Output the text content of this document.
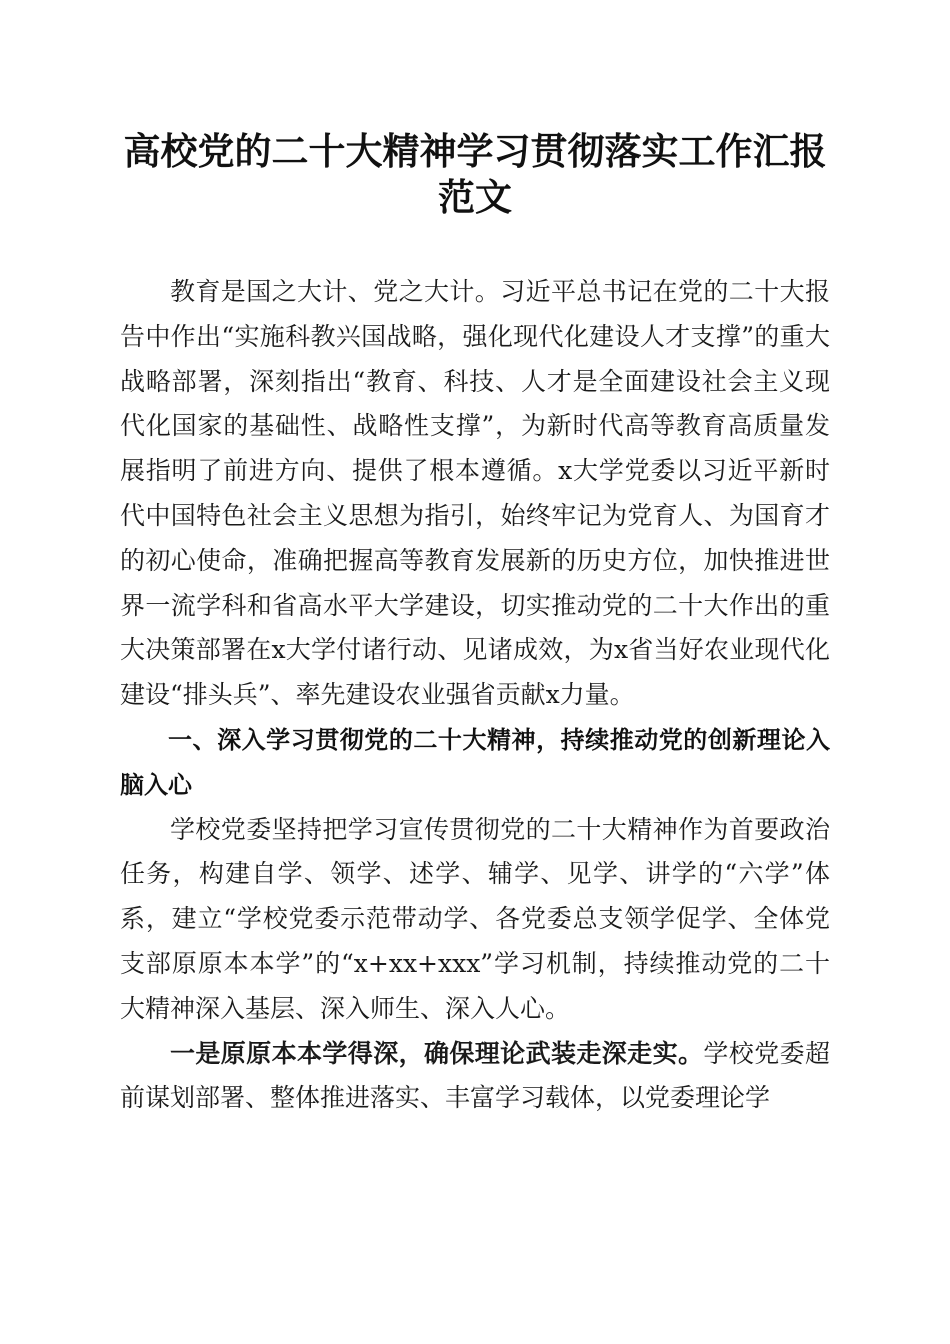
高校党的二十大精神学习贯彻落实工作汇报范文

教育是国之大计、党之大计。习近平总书记在党的二十大报告中作出“实施科教兴国战略，强化现代化建设人才支撑”的重大战略部署，深刻指出“教育、科技、人才是全面建设社会主义现代化国家的基础性、战略性支撑”，为新时代高等教育高质量发展指明了前进方向、提供了根本遵循。x大学党委以习近平新时代中国特色社会主义思想为指引，始终牢记为党育人、为国育才的初心使命，准确把握高等教育发展新的历史方位，加快推进世界一流学科和省高水平大学建设，切实推动党的二十大作出的重大决策部署在x大学付诸行动、见诸成效，为x省当好农业现代化建设“排头兵”、率先建设农业强省贡献x力量。

一、深入学习贯彻党的二十大精神，持续推动党的创新理论入脑入心

学校党委坚持把学习宣传贯彻党的二十大精神作为首要政治任务，构建自学、领学、述学、辅学、见学、讲学的“六学”体系，建立“学校党委示范带动学、各党委总支领学促学、全体党支部原原本本学”的“x+xx+xxx”学习机制，持续推动党的二十大精神深入基层、深入师生、深入人心。

一是原原本本学得深，确保理论武装走深走实。学校党委超前谋划部署、整体推进落实、丰富学习载体，以党委理论学
